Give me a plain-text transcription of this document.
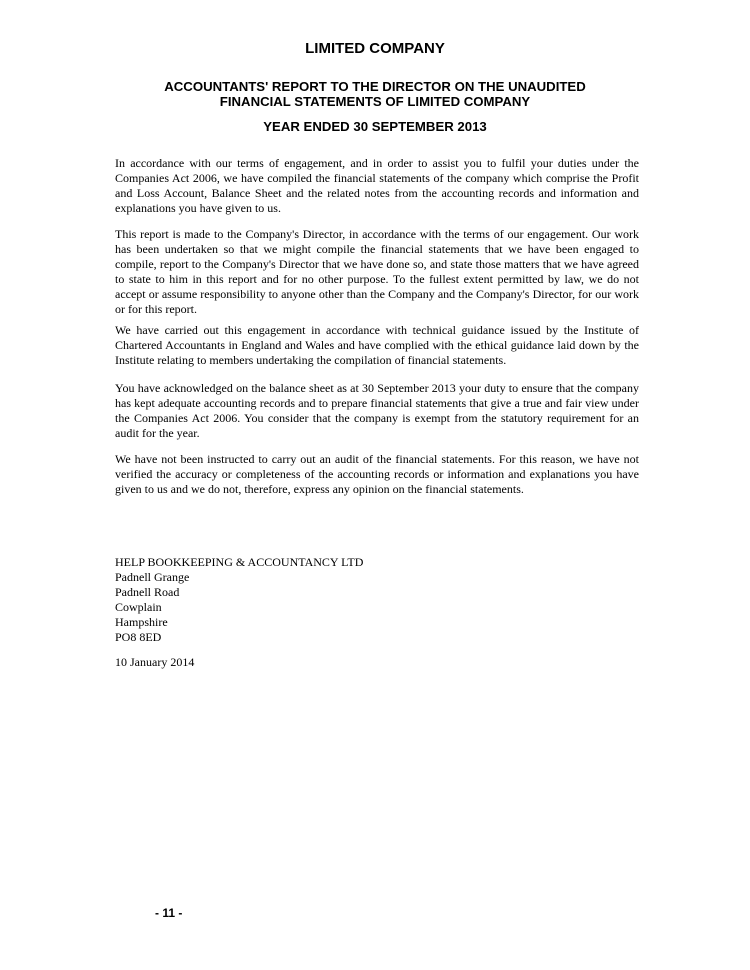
LIMITED COMPANY
ACCOUNTANTS' REPORT TO THE DIRECTOR ON THE UNAUDITED
FINANCIAL STATEMENTS OF LIMITED COMPANY
YEAR ENDED 30 SEPTEMBER 2013

In accordance with our terms of engagement, and in order to assist you to fulfil your duties under the Companies Act 2006, we have compiled the financial statements of the company which comprise the Profit and Loss Account, Balance Sheet and the related notes from the accounting records and information and explanations you have given to us.

This report is made to the Company's Director, in accordance with the terms of our engagement. Our work has been undertaken so that we might compile the financial statements that we have been engaged to compile, report to the Company's Director that we have done so, and state those matters that we have agreed to state to him in this report and for no other purpose. To the fullest extent permitted by law, we do not accept or assume responsibility to anyone other than the Company and the Company's Director, for our work or for this report.

We have carried out this engagement in accordance with technical guidance issued by the Institute of Chartered Accountants in England and Wales and have complied with the ethical guidance laid down by the Institute relating to members undertaking the compilation of financial statements.

You have acknowledged on the balance sheet as at 30 September 2013 your duty to ensure that the company has kept adequate accounting records and to prepare financial statements that give a true and fair view under the Companies Act 2006. You consider that the company is exempt from the statutory requirement for an audit for the year.

We have not been instructed to carry out an audit of the financial statements. For this reason, we have not verified the accuracy or completeness of the accounting records or information and explanations you have given to us and we do not, therefore, express any opinion on the financial statements.

HELP BOOKKEEPING & ACCOUNTANCY LTD
Padnell Grange
Padnell Road
Cowplain
Hampshire
PO8 8ED
10 January 2014
- 11 -
